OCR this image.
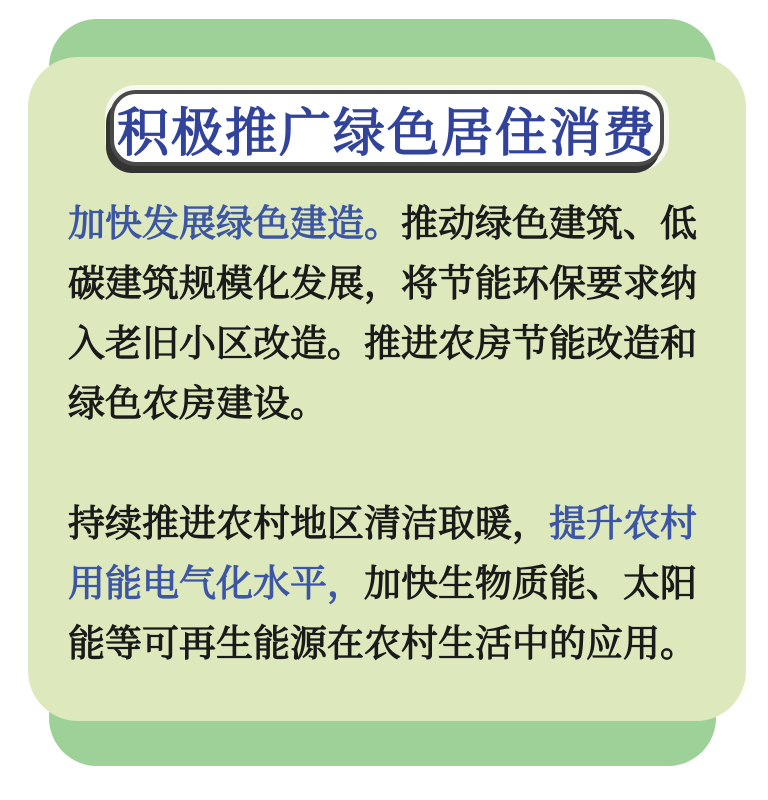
积极推广绿色居住消费

加快发展绿色建造。 推动绿色建筑、低
碳建筑规模化发展，将节能环保要求纳
入老旧小区改造。推进农房节能改造和
绿色农房建设。

持续推进农村地区清洁取暖， 提升农村
用能电气化水平， 加快生物质能、太阳
能等可再生能源在农村生活中的应用。
